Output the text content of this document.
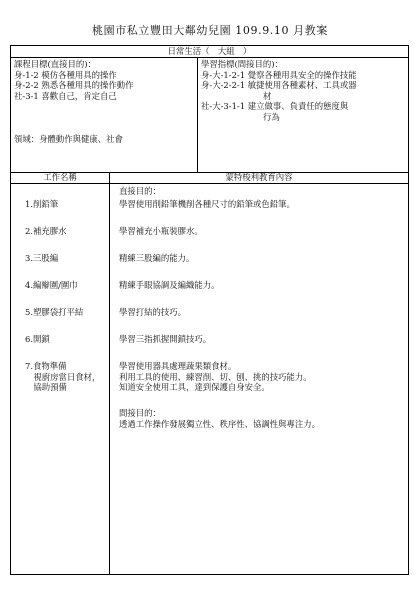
桃園市私立豐田大鄰幼兒園 109.9.10 月教案
日常生活（　大組　）
課程目標(直接目的)：
身-1-2 模仿各種用具的操作
身-2-2 熟悉各種用具的操作動作
社-3-1 喜歡自己，肯定自己
領域：身體動作與健康、社會
學習指標(間接目的)：
身-大-1-2-1 覺察各種用具安全的操作技能
身-大-2-2-1 敏捷使用各種素材、工具或器
材
社-大-3-1-1 建立做事、負責任的態度與
行為
工作名稱	蒙特梭利教育內容
直接目的：
1.削鉛筆	學習使用削鉛筆機削各種尺寸的鉛筆或色鉛筆。
2.補充膠水	學習補充小瓶裝膠水。
3.三股編	精練三股編的能力。
4.編辮圍/圍巾	精練手眼協調及編織能力。
5.塑膠袋打平結	學習打結的技巧。
6.開鎖	學習三指抓握開鎖技巧。
7.食物準備
　視廚房當日食材，
　協助預備
學習使用器具處理蔬果類食材。
利用工具的使用、練習削、切、刨、挑的技巧能力。
知道安全使用工具，達到保護自身安全。
間接目的：
透過工作操作發展獨立性、秩序性、協調性與專注力。
